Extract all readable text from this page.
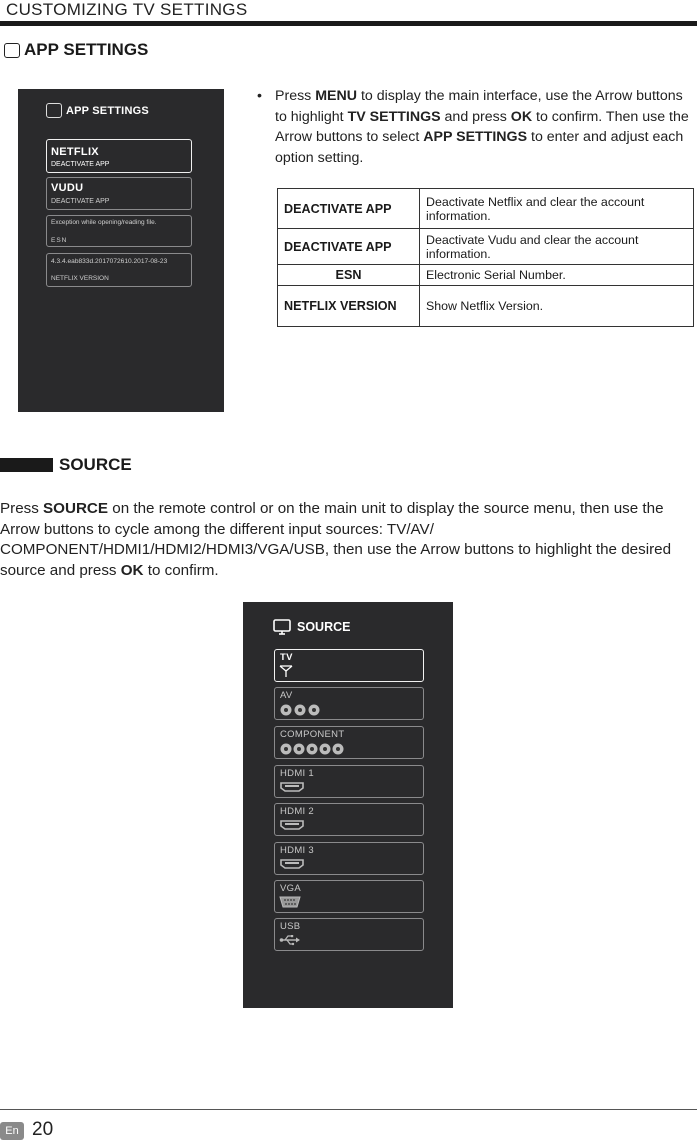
CUSTOMIZING TV SETTINGS
APP SETTINGS
APP SETTINGS
NETFLIX
DEACTIVATE APP
VUDU
DEACTIVATE APP
Exception while opening/reading file.
ESN
4.3.4.eab833d.2017072610.2017-08-23
NETFLIX VERSION
• Press MENU to display the main interface, use the Arrow buttons to highlight TV SETTINGS and press OK to confirm. Then use the Arrow buttons to select APP SETTINGS to enter and adjust each option setting.
DEACTIVATE APP	Deactivate Netflix and clear the account information.
DEACTIVATE APP	Deactivate Vudu and clear the account information.
ESN	Electronic Serial Number.
NETFLIX VERSION	Show Netflix Version.
SOURCE
Press SOURCE on the remote control or on the main unit to display the source menu, then use the Arrow buttons to cycle among the different input sources: TV/AV/ COMPONENT/HDMI1/HDMI2/HDMI3/VGA/USB, then use the Arrow buttons to highlight the desired source and press OK to confirm.
SOURCE
TV
AV
COMPONENT
HDMI 1
HDMI 2
HDMI 3
VGA
USB
En 20
